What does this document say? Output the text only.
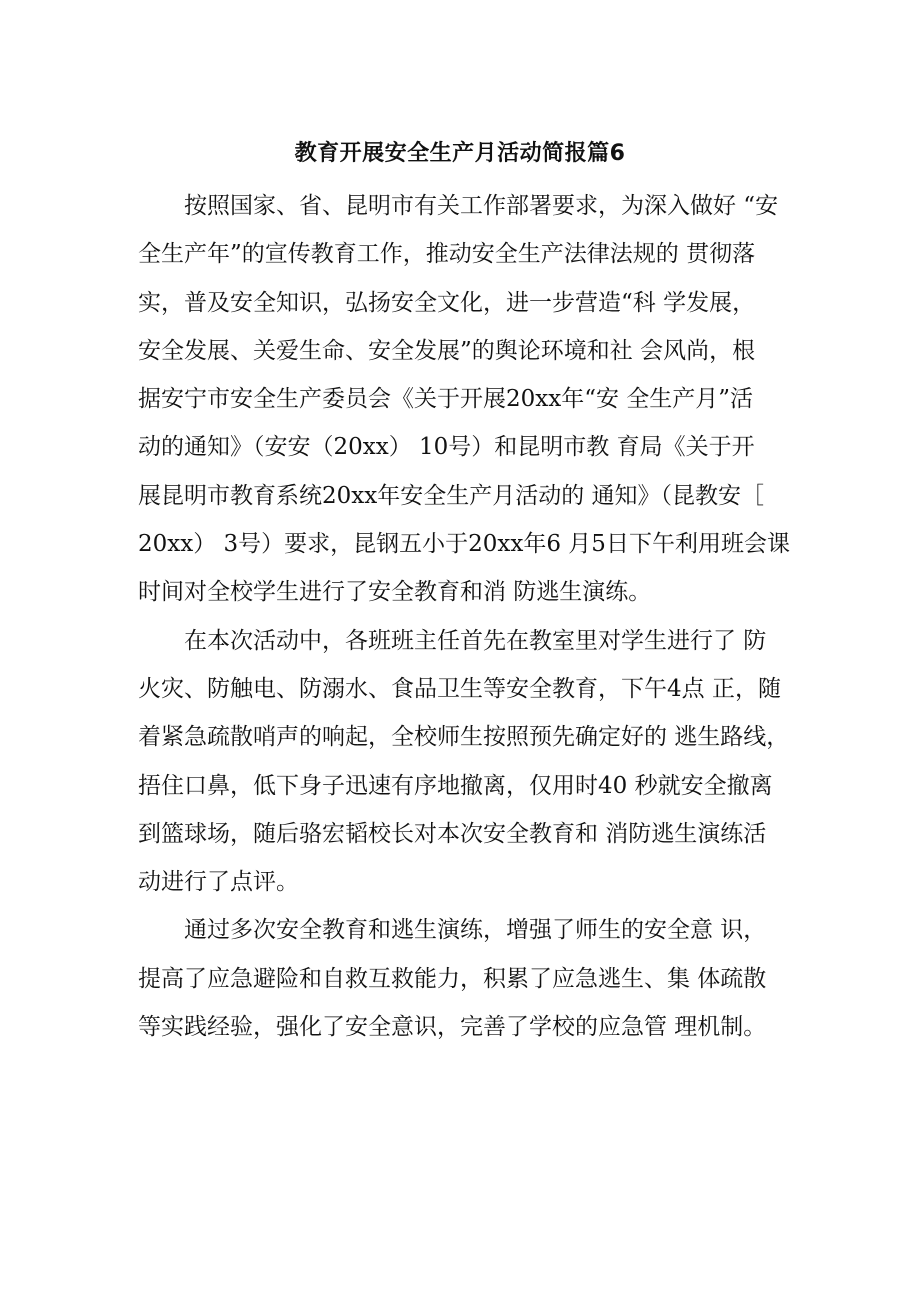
教育开展安全生产月活动简报篇6
　　按照国家、省、昆明市有关工作部署要求，为深入做好 “安
全生产年”的宣传教育工作，推动安全生产法律法规的 贯彻落
实，普及安全知识，弘扬安全文化，进一步营造“科 学发展，
安全发展、关爱生命、安全发展”的舆论环境和社 会风尚，根
据安宁市安全生产委员会《关于开展20xx年“安 全生产月”活
动的通知》（安安（20xx） 10号）和昆明市教 育局《关于开
展昆明市教育系统20xx年安全生产月活动的 通知》（昆教安［
20xx） 3号）要求，昆钢五小于20xx年6 月5日下午利用班会课
时间对全校学生进行了安全教育和消 防逃生演练。
　　在本次活动中，各班班主任首先在教室里对学生进行了 防
火灾、防触电、防溺水、食品卫生等安全教育，下午4点 正，随
着紧急疏散哨声的响起，全校师生按照预先确定好的 逃生路线，
捂住口鼻，低下身子迅速有序地撤离，仅用时40 秒就安全撤离
到篮球场，随后骆宏韬校长对本次安全教育和 消防逃生演练活
动进行了点评。
　　通过多次安全教育和逃生演练，增强了师生的安全意 识，
提高了应急避险和自救互救能力，积累了应急逃生、集 体疏散
等实践经验，强化了安全意识，完善了学校的应急管 理机制。
